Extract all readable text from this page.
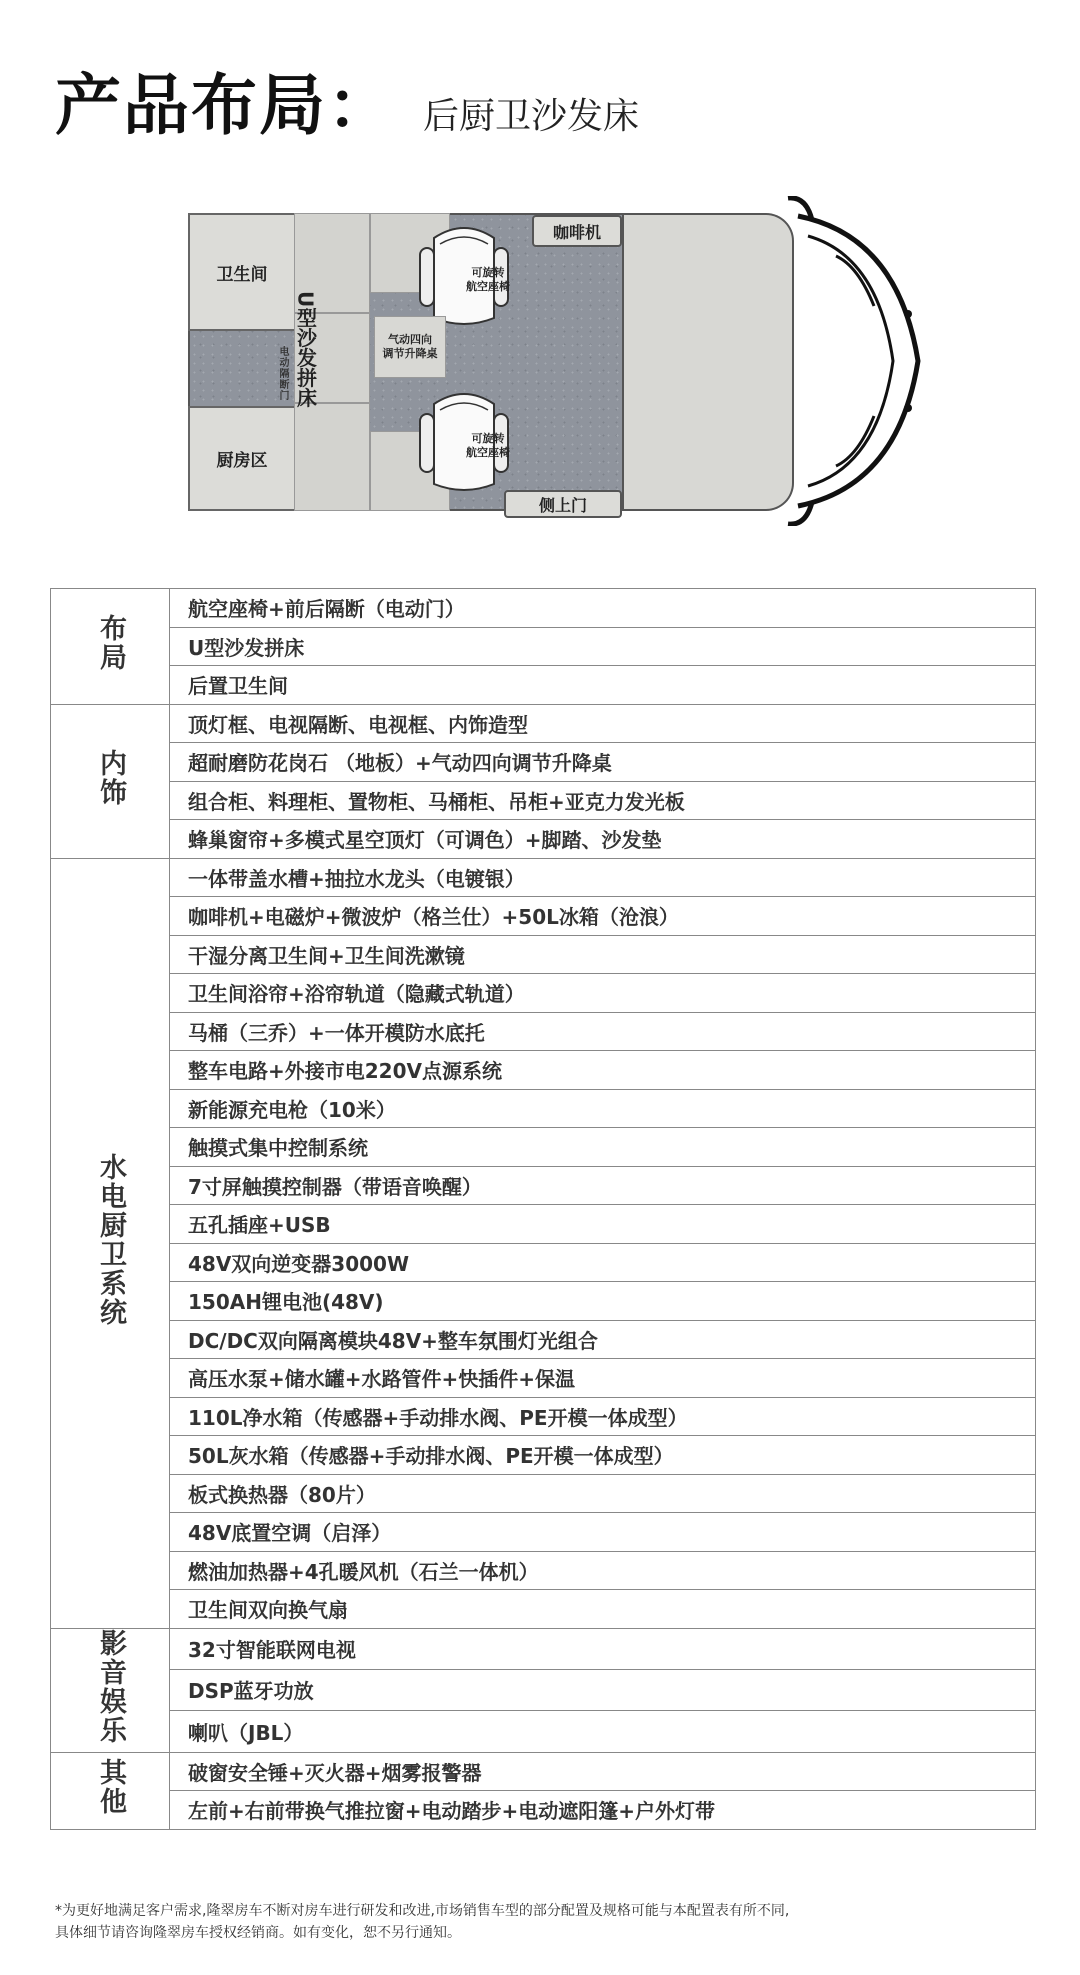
产品布局： 后厨卫沙发床
卫生间
厨房区
电动隔断门 U型沙发拼床
可旋转
航空座椅
气动四向
调节升降桌
可旋转
航空座椅
咖啡机
侧上门
布局	航空座椅+前后隔断（电动门）
	U型沙发拼床
	后置卫生间
内饰	顶灯框、电视隔断、电视框、内饰造型
	超耐磨防花岗石 （地板）+气动四向调节升降桌
	组合柜、料理柜、置物柜、马桶柜、吊柜+亚克力发光板
	蜂巢窗帘+多模式星空顶灯（可调色）+脚踏、沙发垫
水电厨卫系统	一体带盖水槽+抽拉水龙头（电镀银）
	咖啡机+电磁炉+微波炉（格兰仕）+50L冰箱（沧浪）
	干湿分离卫生间+卫生间洗漱镜
	卫生间浴帘+浴帘轨道（隐藏式轨道）
	马桶（三乔）+一体开模防水底托
	整车电路+外接市电220V点源系统
	新能源充电枪（10米）
	触摸式集中控制系统
	7寸屏触摸控制器（带语音唤醒）
	五孔插座+USB
	48V双向逆变器3000W
	150AH锂电池(48V)
	DC/DC双向隔离模块48V+整车氛围灯光组合
	高压水泵+储水罐+水路管件+快插件+保温
	110L净水箱（传感器+手动排水阀、PE开模一体成型）
	50L灰水箱（传感器+手动排水阀、PE开模一体成型）
	板式换热器（80片）
	48V底置空调（启泽）
	燃油加热器+4孔暖风机（石兰一体机）
	卫生间双向换气扇
影音娱乐	32寸智能联网电视
	DSP蓝牙功放
	喇叭（JBL）
其他	破窗安全锤+灭火器+烟雾报警器
	左前+右前带换气推拉窗+电动踏步+电动遮阳篷+户外灯带
*为更好地满足客户需求,隆翠房车不断对房车进行研发和改进,市场销售车型的部分配置及规格可能与本配置表有所不同,
具体细节请咨询隆翠房车授权经销商。如有变化，恕不另行通知。
